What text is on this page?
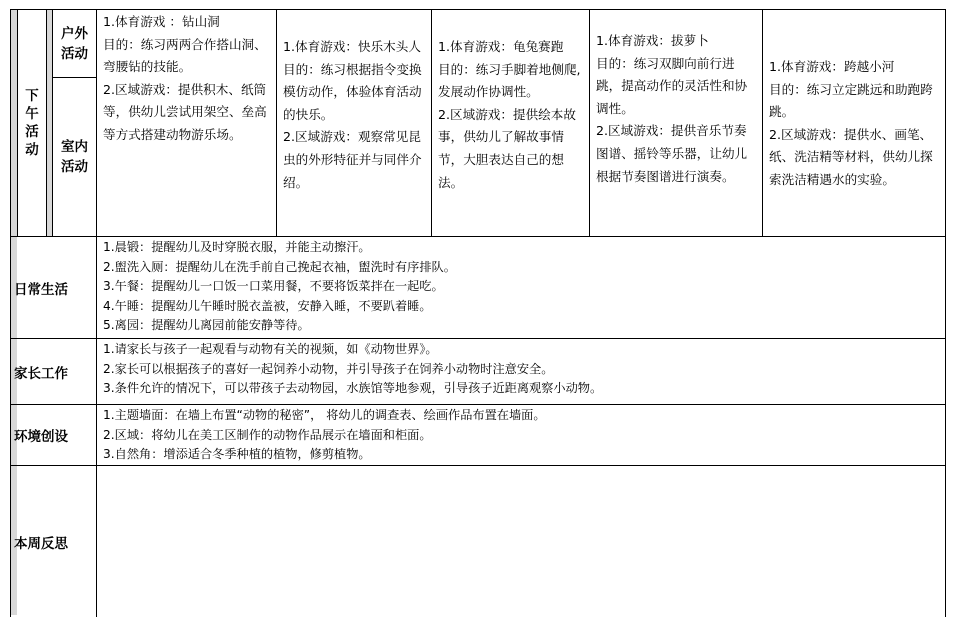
下午活动
户外活动
室内活动

1.体育游戏 ：钻山洞

目的：练习两两合作搭山洞、弯腰钻的技能。

2.区域游戏：提供积木、纸筒等，供幼儿尝试用架空、垒高等方式搭建动物游乐场。

1.体育游戏：快乐木头人

目的：练习根据指令变换模仿动作，体验体育活动的快乐。

2.区域游戏：观察常见昆虫的外形特征并与同伴介绍。

1.体育游戏：龟兔赛跑

目的：练习手脚着地侧爬,发展动作协调性。

2.区域游戏：提供绘本故事，供幼儿了解故事情节，大胆表达自己的想法。

1.体育游戏：拔萝卜

目的：练习双脚向前行进跳，提高动作的灵活性和协调性。

2.区域游戏：提供音乐节奏图谱、摇铃等乐器，让幼儿根据节奏图谱进行演奏。

1.体育游戏：跨越小河

目的：练习立定跳远和助跑跨跳。

2.区域游戏：提供水、画笔、纸、洗洁精等材料，供幼儿探索洗洁精遇水的实验。

日常生活

1.晨锻：提醒幼儿及时穿脱衣服，并能主动擦汗。

2.盥洗入厕：提醒幼儿在洗手前自己挽起衣袖，盥洗时有序排队。

3.午餐：提醒幼儿一口饭一口菜用餐，不要将饭菜拌在一起吃。

4.午睡：提醒幼儿午睡时脱衣盖被，安静入睡，不要趴着睡。

5.离园：提醒幼儿离园前能安静等待。

家长工作

1.请家长与孩子一起观看与动物有关的视频，如《动物世界》。

2.家长可以根据孩子的喜好一起饲养小动物，并引导孩子在饲养小动物时注意安全。

3.条件允许的情况下，可以带孩子去动物园，水族馆等地参观，引导孩子近距离观察小动物。

环境创设

1.主题墙面：在墙上布置“动物的秘密”， 将幼儿的调查表、绘画作品布置在墙面。

2.区域：将幼儿在美工区制作的动物作品展示在墙面和柜面。

3.自然角：增添适合冬季种植的植物，修剪植物。

本周反思
